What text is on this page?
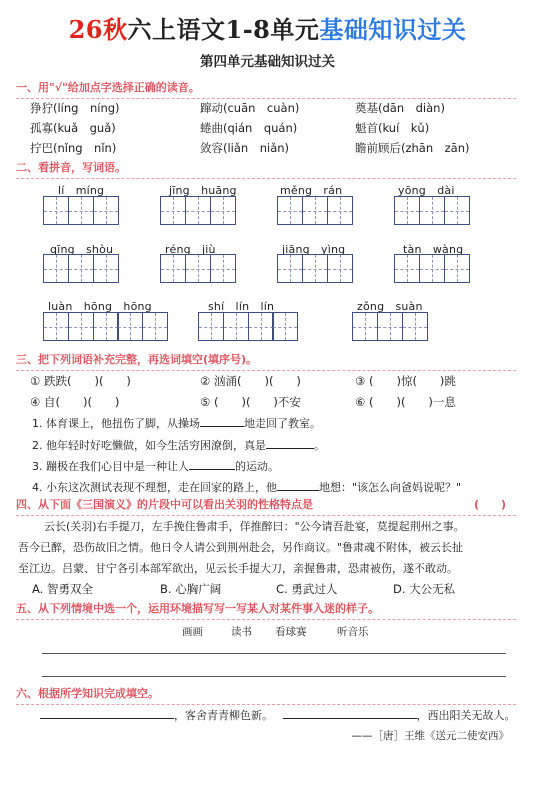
26秋六上语文1-8单元基础知识过关
第四单元基础知识过关
一、用"√"给加点字选择正确的读音。
狰狞(líng　níng)	蹿动(cuān　cuàn)	奠基(dān　diàn)
孤寡(kuǎ　guǎ)	蜷曲(qián　quán)	魁首(kuí　kǔ)
拧巴(nǐng　nǐn)	敛容(liǎn　niǎn)	瞻前顾后(zhān　zān)
二、看拼音，写词语。
lí　míng	jīng　huāng	měng　rán	yōng　dài
qīng　shòu	réng　jiù	jiāng　yìng	tàn　wàng
luàn　hōng　hōng	shí　lín　lín	zǒng　suàn
三、把下列词语补充完整，再选词填空(填序号)。
① 跌跌(　　)(　　)	② 汹涌(　　)(　　)	③ (　　)惊(　　)跳
④ 自(　　)(　　)	⑤ (　　)(　　)不安	⑥ (　　)(　　)一息
1. 体育课上，他扭伤了脚，从操场	地走回了教室。
2. 他年轻时好吃懒做，如今生活穷困潦倒，真是	。
3. 蹦极在我们心目中是一种让人	的运动。
4. 小东这次测试表现不理想，走在回家的路上，他	地想："该怎么向爸妈说呢？"
四、从下面《三国演义》的片段中可以看出关羽的性格特点是	(　　)
云长(关羽)右手提刀，左手挽住鲁肃手，佯推醉曰："公今请吾赴宴，莫提起荆州之事。
吾今已醉，恐伤故旧之情。他日令人请公到荆州赴会，另作商议。"鲁肃魂不附体，被云长扯
至江边。吕蒙、甘宁各引本部军欲出，见云长手提大刀，亲握鲁肃，恐肃被伤，遂不敢动。
A. 智勇双全	B. 心胸广阔	C. 勇武过人	D. 大公无私
五、从下列情境中选一个，运用环境描写写一写某人对某件事入迷的样子。
画画	读书 看球赛	听音乐
六、根据所学知识完成填空。
，客舍青青柳色新。	，西出阳关无故人。
——［唐］王维《送元二使安西》
